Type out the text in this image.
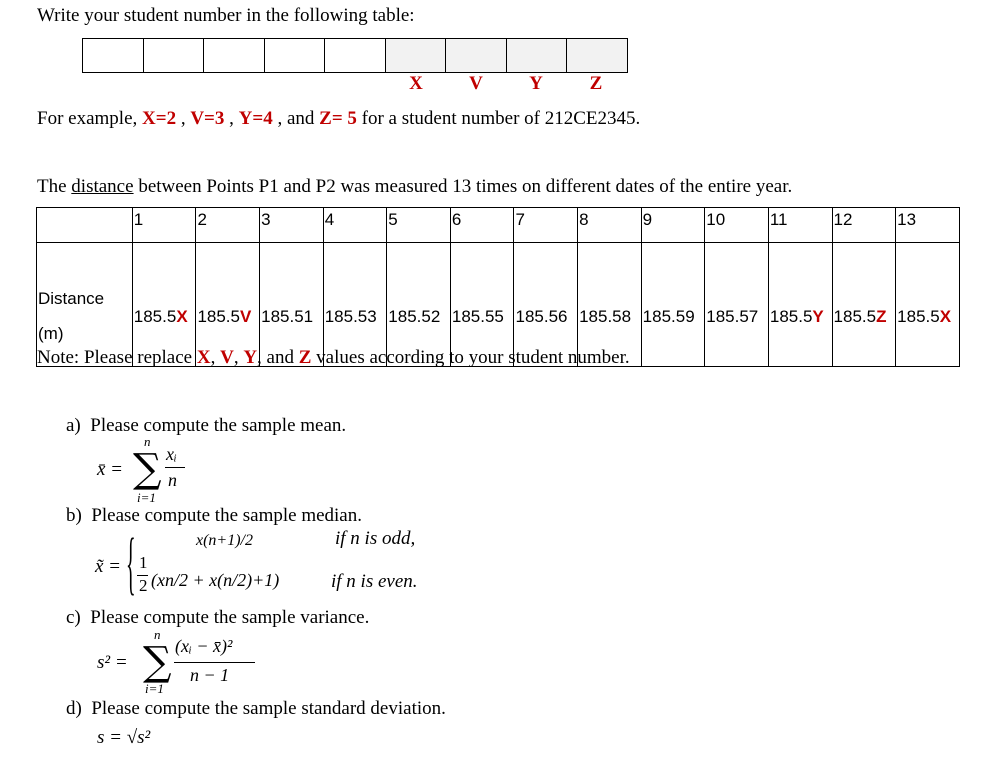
Write your student number in the following table:
X	V	Y	Z
For example, X=2 , V=3 , Y=4 , and Z= 5 for a student number of 212CE2345.
The distance between Points P1 and P2 was measured 13 times on different dates of the entire year.
	1	2	3	4	5	6	7	8	9	10	11	12	13
Distance
(m)	185.5X	185.5V	185.51	185.53	185.52	185.55	185.56	185.58	185.59	185.57	185.5Y	185.5Z	185.5X
Note: Please replace X, V, Y, and Z values according to your student number.
a) Please compute the sample mean.
b) Please compute the sample median.
c) Please compute the sample variance.
d) Please compute the sample standard deviation.
x̄ =
n
∑
i=1
xᵢ
n
x̃ = {	x(n+1)/2	if n is odd,
1
2 (xn/2 + x(n/2)+1)	if n is even.
s² =
n
∑
i=1
(xᵢ − x̄)²
n − 1
s = √s²
